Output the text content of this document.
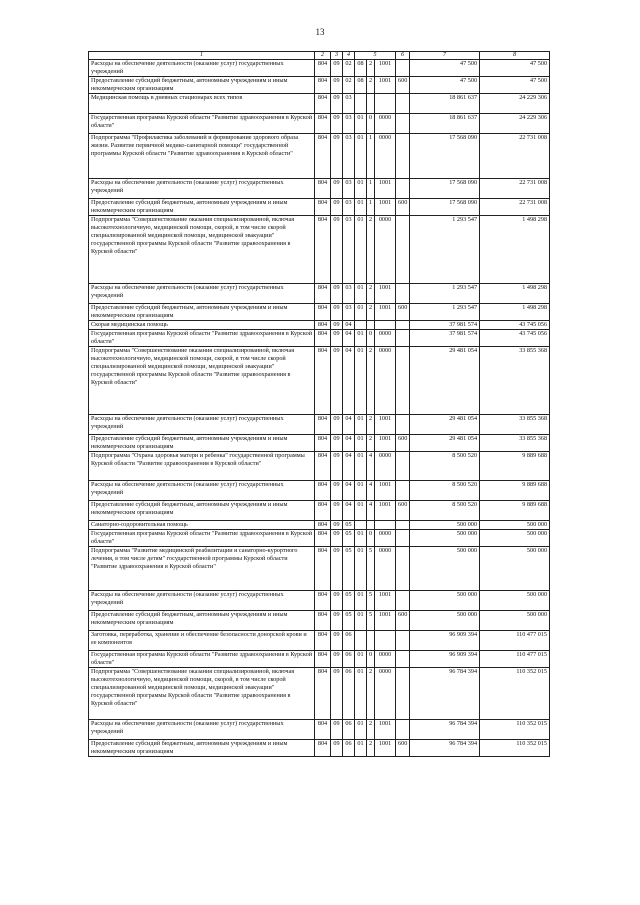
13
1	2	3	4	5			6	7	8
Расходы на обеспечение деятельности (оказание услуг) государственных учреждений	804	09	02	08	2	1001		47 500	47 500
Предоставление субсидий бюджетным, автономным учреждениям и иным некоммерческим организациям	804	09	02	08	2	1001	600	47 500	47 500
Медицинская помощь в дневных стационарах всех типов	804	09	03					18 861 637	24 229 306
Государственная программа Курской области "Развитие здравоохранения в Курской области"	804	09	03	01	0	0000		18 861 637	24 229 306
Подпрограмма "Профилактика заболеваний и формирование здорового образа жизни. Развитие первичной медико-санитарной помощи" государственной программы Курской области "Развитие здравоохранения в Курской области"	804	09	03	01	1	0000		17 568 090	22 731 008
Расходы на обеспечение деятельности (оказание услуг) государственных учреждений	804	09	03	01	1	1001		17 568 090	22 731 008
Предоставление субсидий бюджетным, автономным учреждениям и иным некоммерческим организациям	804	09	03	01	1	1001	600	17 568 090	22 731 008
Подпрограмма "Совершенствование оказания специализированной, включая высокотехнологичную, медицинской помощи, скорой, в том числе скорой специализированной медицинской помощи, медицинской эвакуации" государственной программы Курской области "Развитие здравоохранения в Курской области"	804	09	03	01	2	0000		1 293 547	1 498 298
Расходы на обеспечение деятельности (оказание услуг) государственных учреждений	804	09	03	01	2	1001		1 293 547	1 498 298
Предоставление субсидий бюджетным, автономным учреждениям и иным некоммерческим организациям	804	09	03	01	2	1001	600	1 293 547	1 498 298
Скорая медицинская помощь	804	09	04					37 981 574	43 745 056
Государственная программа Курской области "Развитие здравоохранения в Курской области"	804	09	04	01	0	0000		37 981 574	43 745 056
Подпрограмма "Совершенствование оказания специализированной, включая высокотехнологичную, медицинской помощи, скорой, в том числе скорой специализированной медицинской помощи, медицинской эвакуации" государственной программы Курской области "Развитие здравоохранения в Курской области"	804	09	04	01	2	0000		29 481 054	33 855 368
Расходы на обеспечение деятельности (оказание услуг) государственных учреждений	804	09	04	01	2	1001		29 481 054	33 855 368
Предоставление субсидий бюджетным, автономным учреждениям и иным некоммерческим организациям	804	09	04	01	2	1001	600	29 481 054	33 855 368
Подпрограмма "Охрана здоровья матери и ребенка" государственной программы Курской области "Развитие здравоохранения в Курской области"	804	09	04	01	4	0000		8 500 520	9 889 688
Расходы на обеспечение деятельности (оказание услуг) государственных учреждений	804	09	04	01	4	1001		8 500 520	9 889 688
Предоставление субсидий бюджетным, автономным учреждениям и иным некоммерческим организациям	804	09	04	01	4	1001	600	8 500 520	9 889 688
Санаторно-оздоровительная помощь	804	09	05					500 000	500 000
Государственная программа Курской области "Развитие здравоохранения в Курской области"	804	09	05	01	0	0000		500 000	500 000
Подпрограмма "Развитие медицинской реабилитации и санаторно-курортного лечения, в том числе детям" государственной программы Курской области "Развитие здравоохранения в Курской области"	804	09	05	01	5	0000		500 000	500 000
Расходы на обеспечение деятельности (оказание услуг) государственных учреждений	804	09	05	01	5	1001		500 000	500 000
Предоставление субсидий бюджетным, автономным учреждениям и иным некоммерческим организациям	804	09	05	01	5	1001	600	500 000	500 000
Заготовка, переработка, хранение и обеспечение безопасности донорской крови и ее компонентов	804	09	06					96 909 394	110 477 015
Государственная программа Курской области "Развитие здравоохранения в Курской области"	804	09	06	01	0	0000		96 909 394	110 477 015
Подпрограмма "Совершенствование оказания специализированной, включая высокотехнологичную, медицинской помощи, скорой, в том числе скорой специализированной медицинской помощи, медицинской эвакуации" государственной программы Курской области "Развитие здравоохранения в Курской области"	804	09	06	01	2	0000		96 784 394	110 352 015
Расходы на обеспечение деятельности (оказание услуг) государственных учреждений	804	09	06	01	2	1001		96 784 394	110 352 015
Предоставление субсидий бюджетным, автономным учреждениям и иным некоммерческим организациям	804	09	06	01	2	1001	600	96 784 394	110 352 015
